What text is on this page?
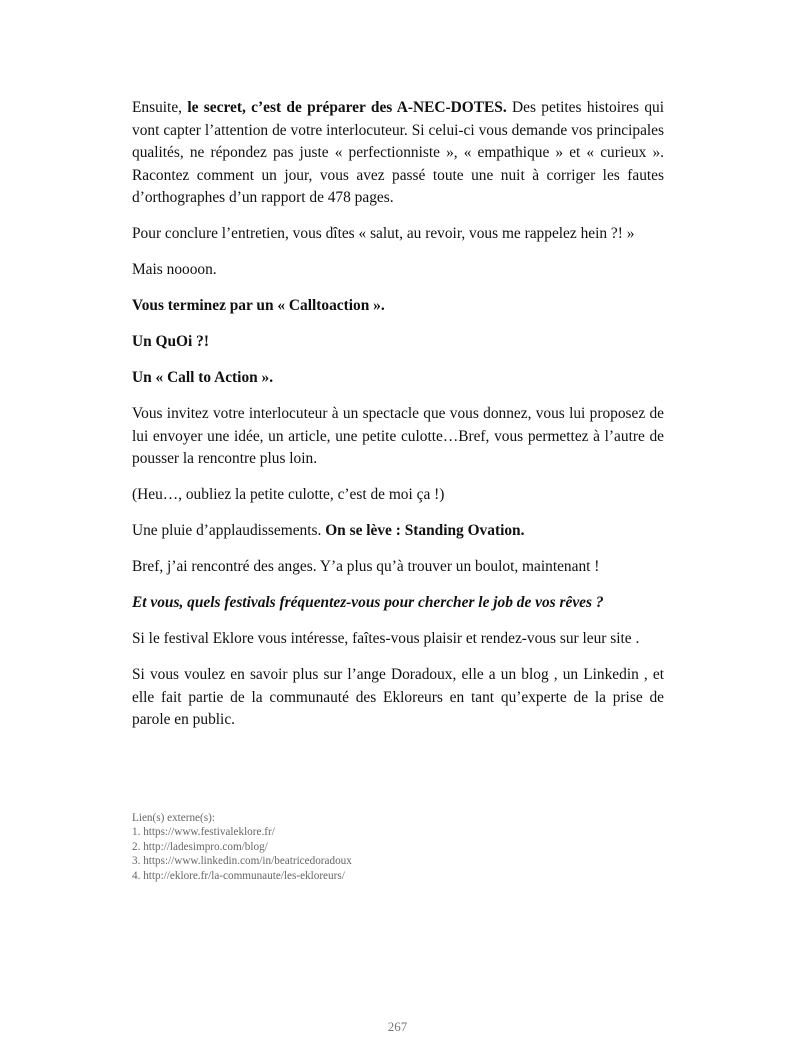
Ensuite, le secret, c’est de préparer des A-NEC-DOTES. Des petites histoires qui vont capter l’attention de votre interlocuteur. Si celui-ci vous demande vos principales qualités, ne répondez pas juste « perfectionniste », « empathique » et « curieux ». Racontez comment un jour, vous avez passé toute une nuit à corriger les fautes d’orthographes d’un rapport de 478 pages.

Pour conclure l’entretien, vous dîtes « salut, au revoir, vous me rappelez hein ?! »

Mais noooon.

Vous terminez par un « Calltoaction ».

Un QuOi ?!

Un « Call to Action ».

Vous invitez votre interlocuteur à un spectacle que vous donnez, vous lui proposez de lui envoyer une idée, un article, une petite culotte…Bref, vous permettez à l’autre de pousser la rencontre plus loin.

(Heu…, oubliez la petite culotte, c’est de moi ça !)

Une pluie d’applaudissements. On se lève : Standing Ovation.

Bref, j’ai rencontré des anges. Y’a plus qu’à trouver un boulot, maintenant !

Et vous, quels festivals fréquentez-vous pour chercher le job de vos rêves ?

Si le festival Eklore vous intéresse, faîtes-vous plaisir et rendez-vous sur leur site .

Si vous voulez en savoir plus sur l’ange Doradoux, elle a un blog , un Linkedin , et elle fait partie de la communauté des Ekloreurs en tant qu’experte de la prise de parole en public.

Lien(s) externe(s):
1. https://www.festivaleklore.fr/
2. http://ladesimpro.com/blog/
3. https://www.linkedin.com/in/beatricedoradoux
4. http://eklore.fr/la-communaute/les-ekloreurs/
267
